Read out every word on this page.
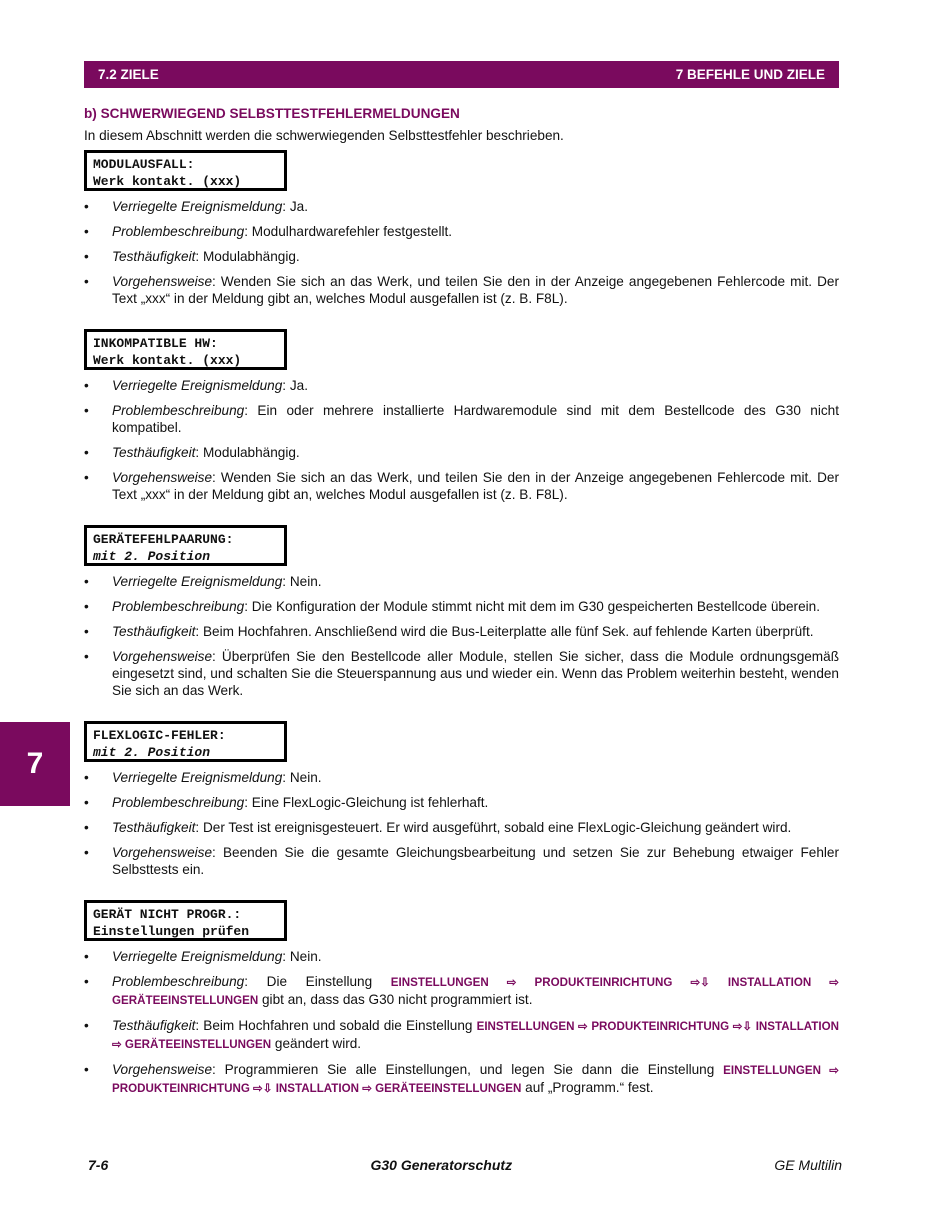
7.2 ZIELE	7 BEFEHLE UND ZIELE
7
b) SCHWERWIEGEND SELBSTTESTFEHLERMELDUNGEN
In diesem Abschnitt werden die schwerwiegenden Selbsttestfehler beschrieben.
MODULAUSFALL:
Werk kontakt. (xxx)
• Verriegelte Ereignismeldung: Ja.
• Problembeschreibung: Modulhardwarefehler festgestellt.
• Testhäufigkeit: Modulabhängig.
• Vorgehensweise: Wenden Sie sich an das Werk, und teilen Sie den in der Anzeige angegebenen Fehlercode mit. Der Text „xxx“ in der Meldung gibt an, welches Modul ausgefallen ist (z. B. F8L).
INKOMPATIBLE HW:
Werk kontakt. (xxx)
• Verriegelte Ereignismeldung: Ja.
• Problembeschreibung: Ein oder mehrere installierte Hardwaremodule sind mit dem Bestellcode des G30 nicht kompatibel.
• Testhäufigkeit: Modulabhängig.
• Vorgehensweise: Wenden Sie sich an das Werk, und teilen Sie den in der Anzeige angegebenen Fehlercode mit. Der Text „xxx“ in der Meldung gibt an, welches Modul ausgefallen ist (z. B. F8L).
GERÄTEFEHLPAARUNG:
mit 2. Position
• Verriegelte Ereignismeldung: Nein.
• Problembeschreibung: Die Konfiguration der Module stimmt nicht mit dem im G30 gespeicherten Bestellcode überein.
• Testhäufigkeit: Beim Hochfahren. Anschließend wird die Bus-Leiterplatte alle fünf Sek. auf fehlende Karten überprüft.
• Vorgehensweise: Überprüfen Sie den Bestellcode aller Module, stellen Sie sicher, dass die Module ordnungsgemäß eingesetzt sind, und schalten Sie die Steuerspannung aus und wieder ein. Wenn das Problem weiterhin besteht, wenden Sie sich an das Werk.
FLEXLOGIC-FEHLER:
mit 2. Position
• Verriegelte Ereignismeldung: Nein.
• Problembeschreibung: Eine FlexLogic-Gleichung ist fehlerhaft.
• Testhäufigkeit: Der Test ist ereignisgesteuert. Er wird ausgeführt, sobald eine FlexLogic-Gleichung geändert wird.
• Vorgehensweise: Beenden Sie die gesamte Gleichungsbearbeitung und setzen Sie zur Behebung etwaiger Fehler Selbsttests ein.
GERÄT NICHT PROGR.:
Einstellungen prüfen
• Verriegelte Ereignismeldung: Nein.
• Problembeschreibung: Die Einstellung EINSTELLUNGEN ⇨ PRODUKTEINRICHTUNG ⇨⇩ INSTALLATION ⇨ GERÄTEEINSTELLUNGEN gibt an, dass das G30 nicht programmiert ist.
• Testhäufigkeit: Beim Hochfahren und sobald die Einstellung EINSTELLUNGEN ⇨ PRODUKTEINRICHTUNG ⇨⇩ INSTALLATION ⇨ GERÄTEEINSTELLUNGEN geändert wird.
• Vorgehensweise: Programmieren Sie alle Einstellungen, und legen Sie dann die Einstellung EINSTELLUNGEN ⇨ PRODUKTEINRICHTUNG ⇨⇩ INSTALLATION ⇨ GERÄTEEINSTELLUNGEN auf „Programm.“ fest.
7-6	G30 Generatorschutz	GE Multilin
